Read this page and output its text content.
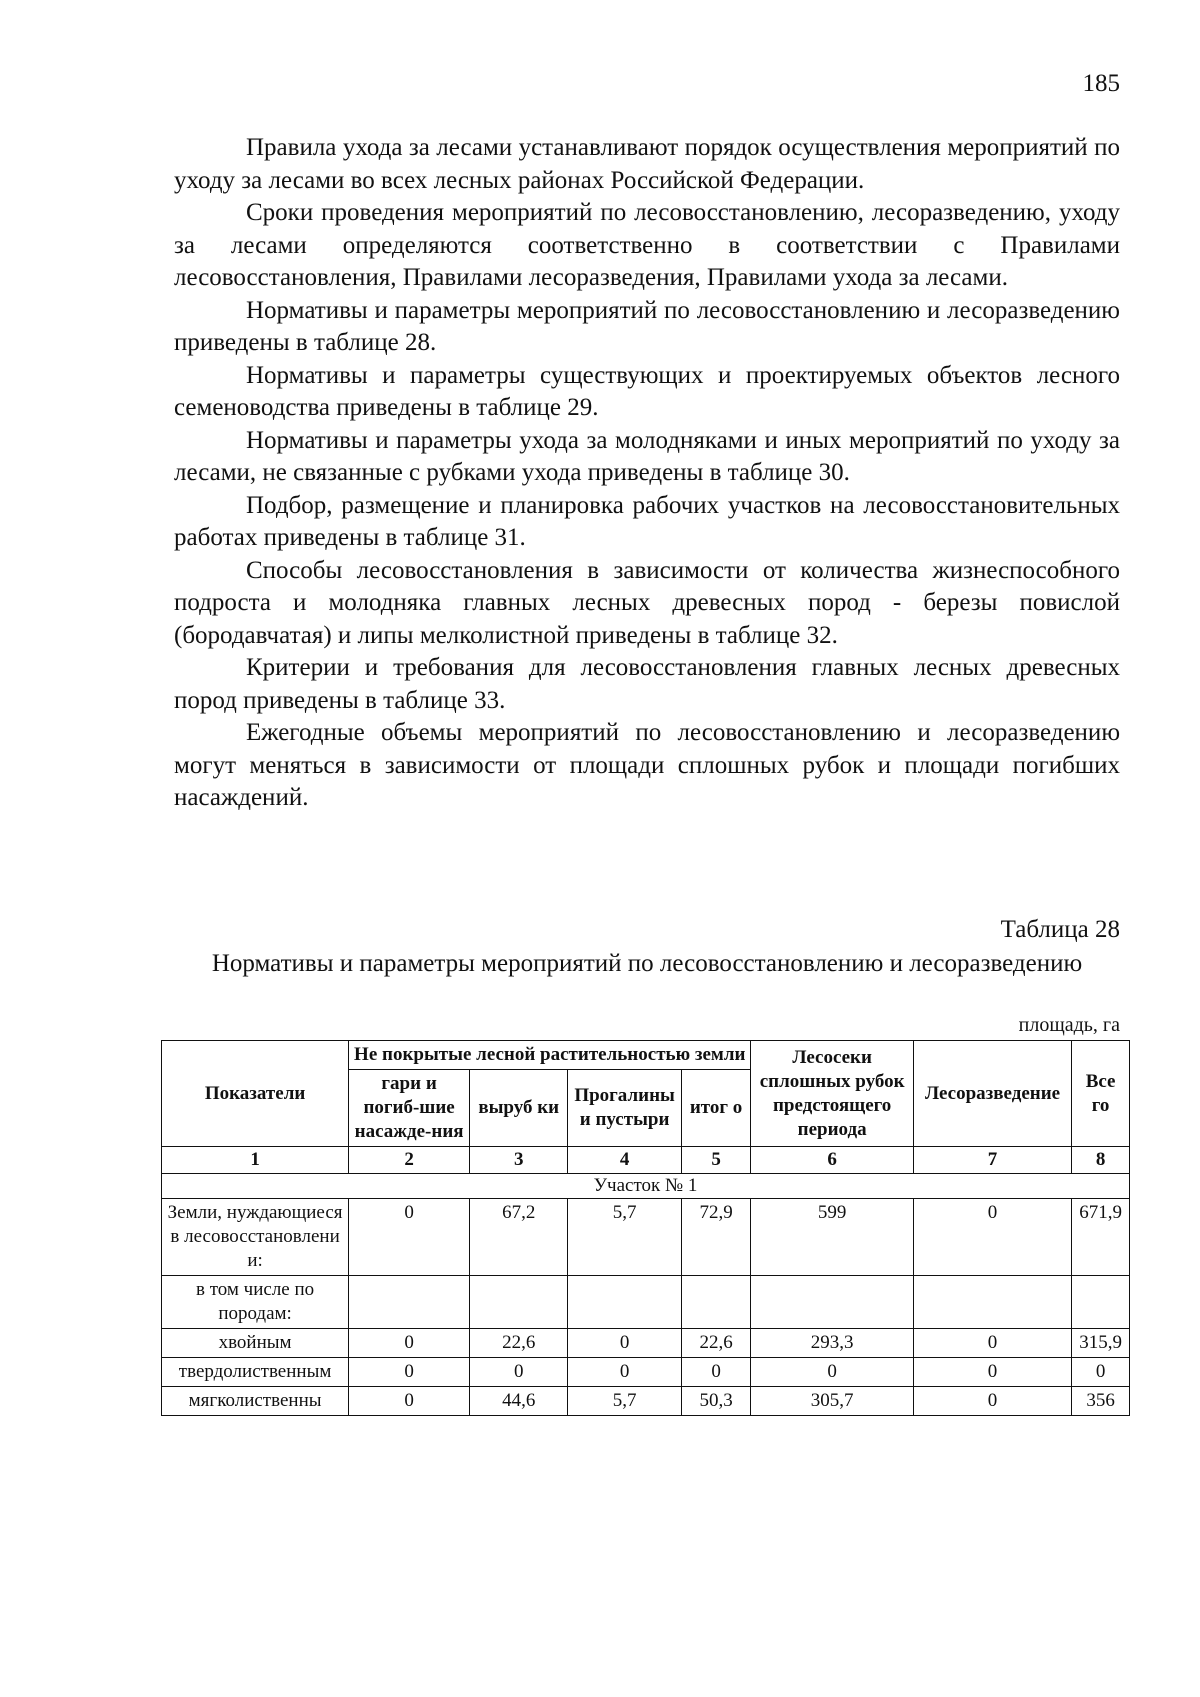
185

Правила ухода за лесами устанавливают порядок осуществления мероприятий по уходу за лесами во всех лесных районах Российской Федерации.

Сроки проведения мероприятий по лесовосстановлению, лесоразведению, уходу за лесами определяются соответственно в соответствии с Правилами лесовосстановления, Правилами лесоразведения, Правилами ухода за лесами.

Нормативы и параметры мероприятий по лесовосстановлению и лесоразведению приведены в таблице 28.

Нормативы и параметры существующих и проектируемых объектов лесного семеноводства приведены в таблице 29.

Нормативы и параметры ухода за молодняками и иных мероприятий по уходу за лесами, не связанные с рубками ухода приведены в таблице 30.

Подбор, размещение и планировка рабочих участков на лесовосстановительных работах приведены в таблице 31.

Способы лесовосстановления в зависимости от количества жизнеспособного подроста и молодняка главных лесных древесных пород - березы повислой (бородавчатая) и липы мелколистной приведены в таблице 32.

Критерии и требования для лесовосстановления главных лесных древесных пород приведены в таблице 33.

Ежегодные объемы мероприятий по лесовосстановлению и лесоразведению могут меняться в зависимости от площади сплошных рубок и площади погибших насаждений.

Таблица 28
Нормативы и параметры мероприятий по лесовосстановлению и лесоразведению
площадь, га
Показатели	Не покрытые лесной растительностью земли				Лесосеки сплошных рубок предстоящего периода	Лесоразведение	Все го
	гари и погиб-шие насажде-ния	выруб ки	Прогалины и пустыри	итог о			
1	2	3	4	5	6	7	8
Участок № 1							
Земли, нуждающиеся в лесовосстановлении:	0	67,2	5,7	72,9	599	0	671,9
в том числе по породам:							
хвойным	0	22,6	0	22,6	293,3	0	315,9
твердолиственным	0	0	0	0	0	0	0
мягколиственны	0	44,6	5,7	50,3	305,7	0	356
